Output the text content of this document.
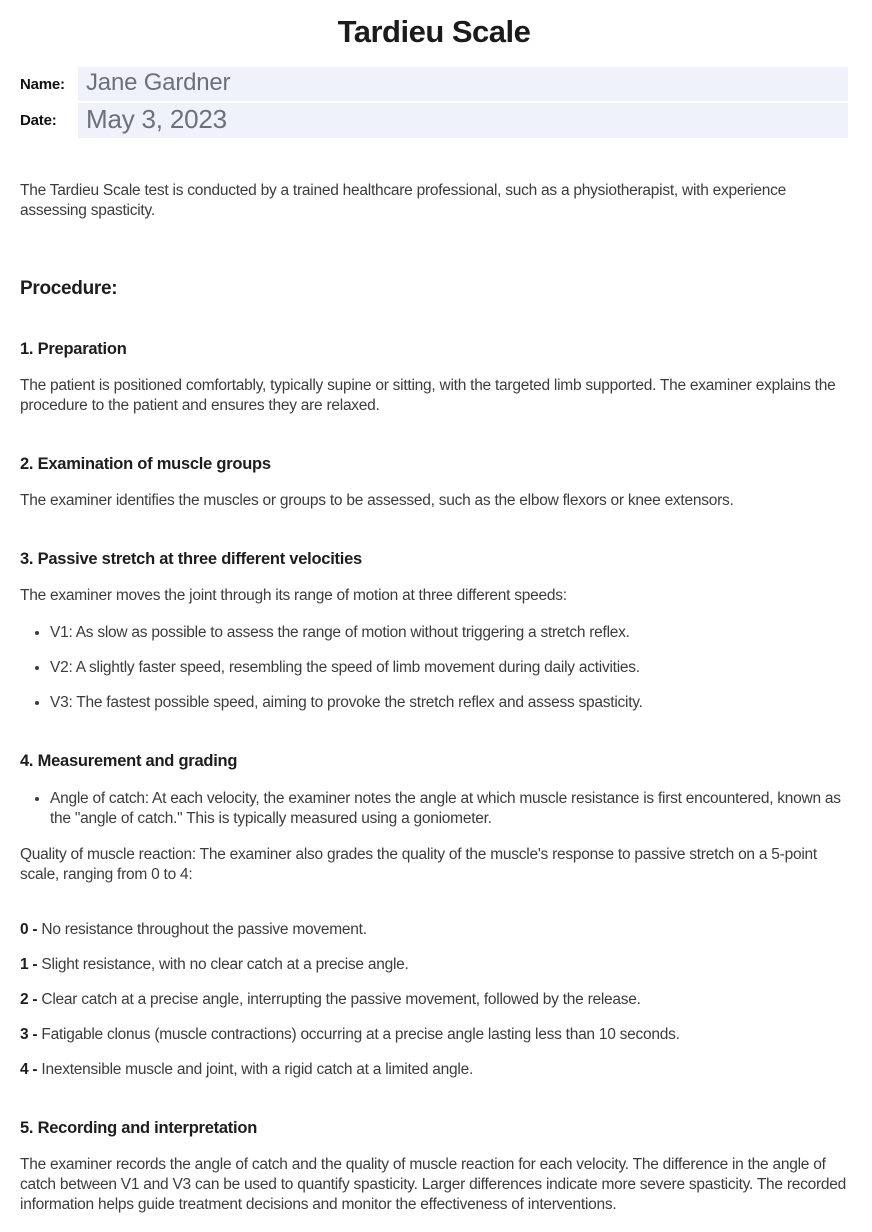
Tardieu Scale
Name: Jane Gardner
Date:	May 3, 2023

The Tardieu Scale test is conducted by a trained healthcare professional, such as a physiotherapist, with experience assessing spasticity.

Procedure:
1. Preparation

The patient is positioned comfortably, typically supine or sitting, with the targeted limb supported. The examiner explains the procedure to the patient and ensures they are relaxed.

2. Examination of muscle groups

The examiner identifies the muscles or groups to be assessed, such as the elbow flexors or knee extensors.

3. Passive stretch at three different velocities

The examiner moves the joint through its range of motion at three different speeds:

• V1: As slow as possible to assess the range of motion without triggering a stretch reflex.
• V2: A slightly faster speed, resembling the speed of limb movement during daily activities.
• V3: The fastest possible speed, aiming to provoke the stretch reflex and assess spasticity.
4. Measurement and grading
• Angle of catch: At each velocity, the examiner notes the angle at which muscle resistance is first encountered, known as the "angle of catch." This is typically measured using a goniometer.

Quality of muscle reaction: The examiner also grades the quality of the muscle's response to passive stretch on a 5-point scale, ranging from 0 to 4:

0 - No resistance throughout the passive movement.

1 - Slight resistance, with no clear catch at a precise angle.

2 - Clear catch at a precise angle, interrupting the passive movement, followed by the release.

3 - Fatigable clonus (muscle contractions) occurring at a precise angle lasting less than 10 seconds.

4 - Inextensible muscle and joint, with a rigid catch at a limited angle.

5. Recording and interpretation

The examiner records the angle of catch and the quality of muscle reaction for each velocity. The difference in the angle of catch between V1 and V3 can be used to quantify spasticity. Larger differences indicate more severe spasticity. The recorded information helps guide treatment decisions and monitor the effectiveness of interventions.
